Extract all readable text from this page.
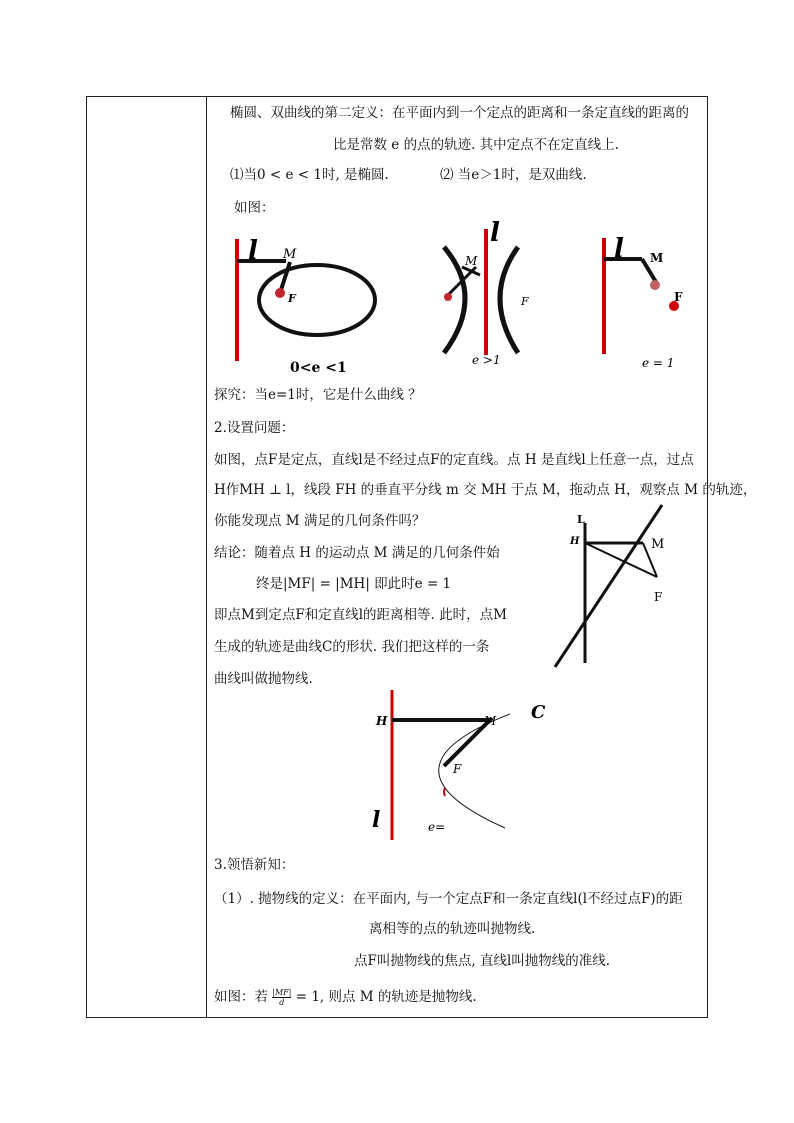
椭圆、双曲线的第二定义：在平面内到一个定点的距离和一条定直线的距离的
比是常数 e 的点的轨迹. 其中定点不在定直线上.
⑴当0 < e < 1时, 是椭圆.	⑵ 当e＞1时，是双曲线.
如图：
l M
F
0<e <1
l
M
F
e >1
l M
F
e = 1
探究：当e=1时，它是什么曲线 ？
2.设置问题：
如图，点F是定点，直线l是不经过点F的定直线。点 H 是直线l上任意一点，过点
H作MH ⊥ l，线段 FH 的垂直平分线 m 交 MH 于点 M，拖动点 H，观察点 M 的轨迹，
你能发现点 M 满足的几何条件吗？
结论：随着点 H 的运动点 M 满足的几何条件始
终是|MF| = |MH| 即此时e = 1
即点M到定点F和定直线l的距离相等. 此时，点M
生成的轨迹是曲线C的形状. 我们把这样的一条
曲线叫做抛物线.
L
H	M
F
C
H	M
F
l	e=
3.领悟新知：
（1）. 抛物线的定义：在平面内, 与一个定点F和一条定直线l(l不经过点F)的距
离相等的点的轨迹叫抛物线.
点F叫抛物线的焦点, 直线l叫抛物线的准线.
如图：若 $\frac{|MF|}{d} = 1$, 则点 M 的轨迹是抛物线.
